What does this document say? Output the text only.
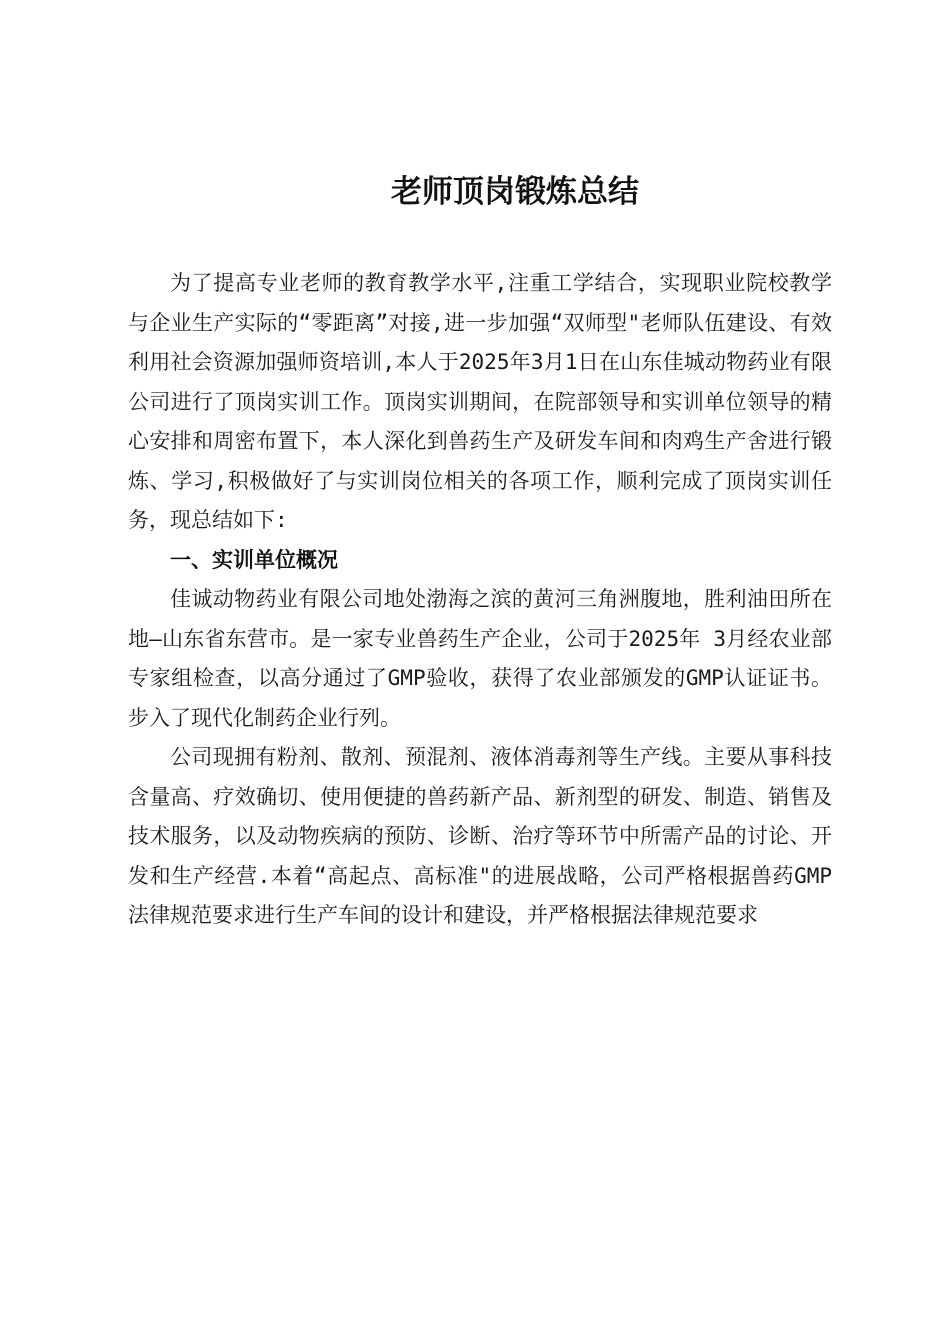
老师顶岗锻炼总结

为了提高专业老师的教育教学水平,注重工学结合，实现职业院校教学与企业生产实际的“零距离”对接,进一步加强“双师型"老师队伍建设、有效利用社会资源加强师资培训,本人于2025年3月1日在山东佳城动物药业有限公司进行了顶岗实训工作。顶岗实训期间，在院部领导和实训单位领导的精心安排和周密布置下，本人深化到兽药生产及研发车间和肉鸡生产舍进行锻炼、学习,积极做好了与实训岗位相关的各项工作，顺利完成了顶岗实训任务，现总结如下:

一、实训单位概况

佳诚动物药业有限公司地处渤海之滨的黄河三角洲腹地，胜利油田所在地—山东省东营市。是一家专业兽药生产企业，公司于2025年 3月经农业部专家组检查，以高分通过了GMP验收，获得了农业部颁发的GMP认证证书。步入了现代化制药企业行列。

公司现拥有粉剂、散剂、预混剂、液体消毒剂等生产线。主要从事科技含量高、疗效确切、使用便捷的兽药新产品、新剂型的研发、制造、销售及技术服务，以及动物疾病的预防、诊断、治疗等环节中所需产品的讨论、开发和生产经营.本着“高起点、高标准"的进展战略，公司严格根据兽药GMP法律规范要求进行生产车间的设计和建设，并严格根据法律规范要求
